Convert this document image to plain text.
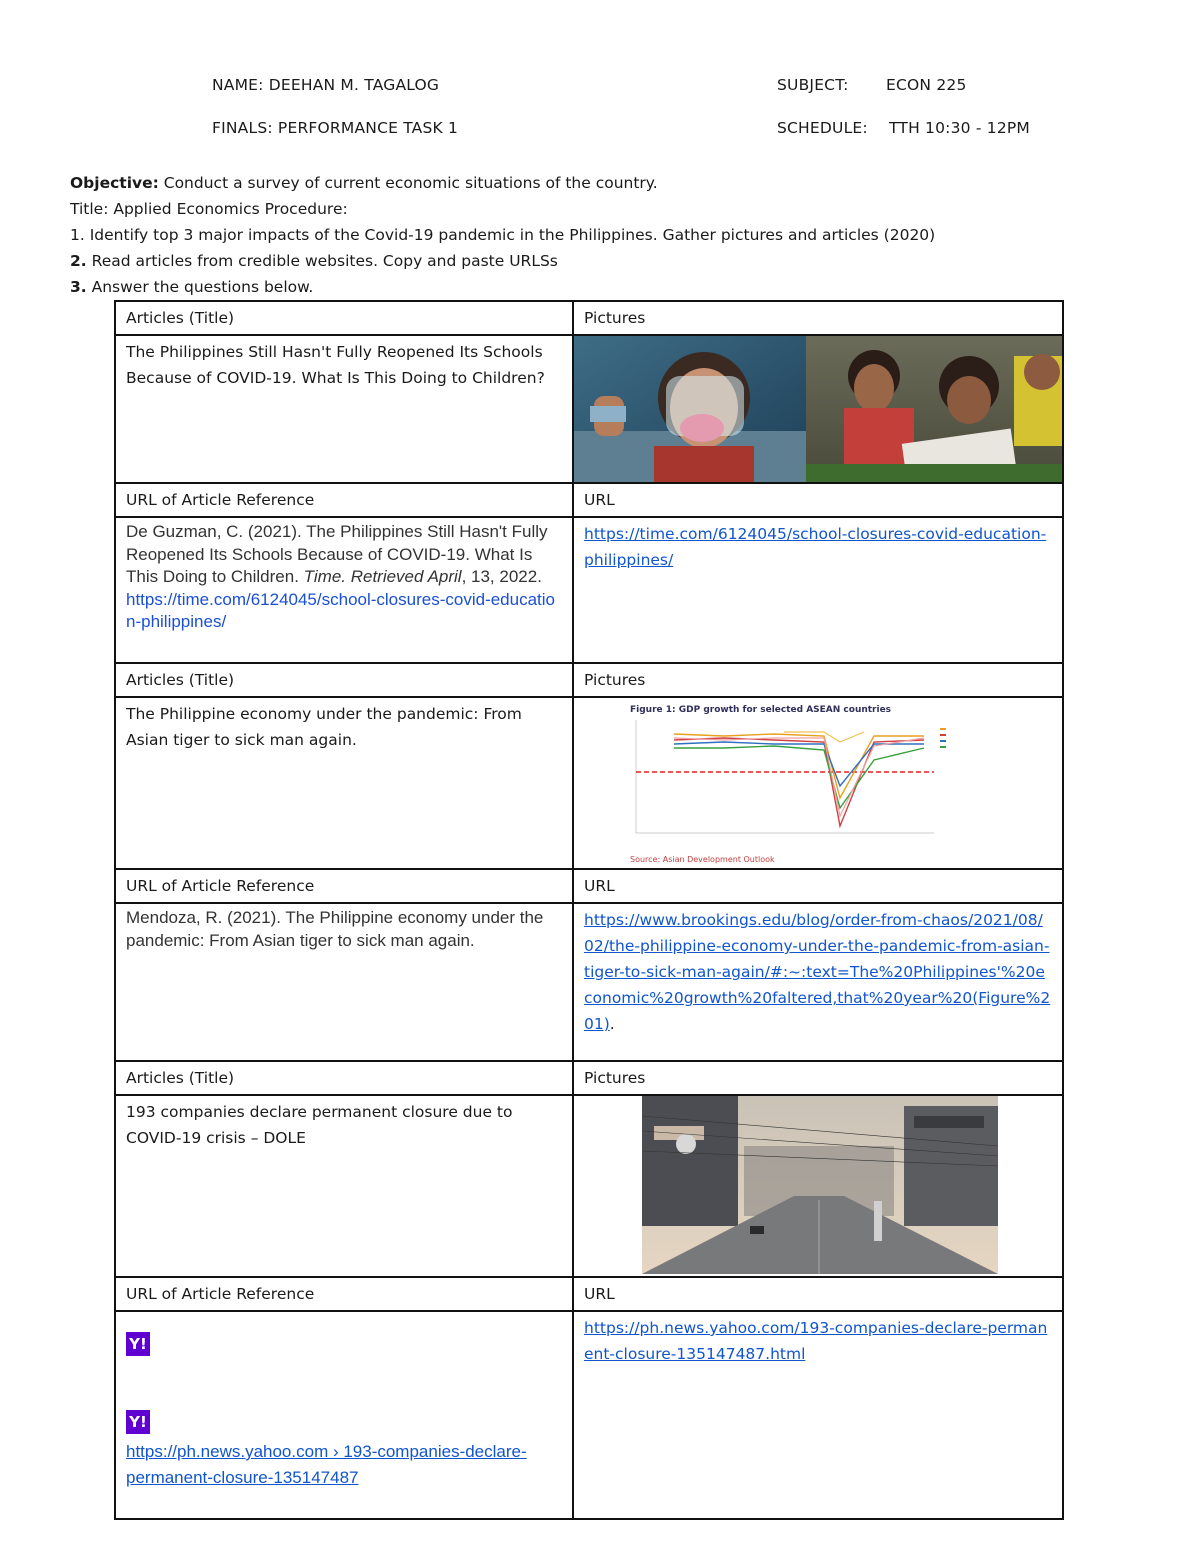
NAME: DEEHAN M. TAGALOG	SUBJECT: ECON 225
FINALS: PERFORMANCE TASK 1	SCHEDULE: TTH 10:30 - 12PM
Objective: Conduct a survey of current economic situations of the country.
Title: Applied Economics Procedure:
1. Identify top 3 major impacts of the Covid-19 pandemic in the Philippines. Gather pictures and articles (2020)
2. Read articles from credible websites. Copy and paste URLSs
3. Answer the questions below.
Articles (Title)	Pictures
The Philippines Still Hasn't Fully Reopened Its Schools Because of COVID-19. What Is This Doing to Children?	

URL of Article Reference	URL

De Guzman, C. (2021). The Philippines Still Hasn't Fully Reopened Its Schools Because of COVID-19. What Is This Doing to Children. Time. Retrieved April, 13, 2022.
https://time.com/6124045/school-closures-covid-education-philippines/	https://time.com/6124045/school-closures-covid-education-philippines/
Articles (Title)	Pictures
The Philippine economy under the pandemic: From Asian tiger to sick man again.	Figure 1: GDP growth for selected ASEAN countries
Source: Asian Development Outlook

URL of Article Reference	URL

Mendoza, R. (2021). The Philippine economy under the pandemic: From Asian tiger to sick man again.	https://www.brookings.edu/blog/order-from-chaos/2021/08/02/the-philippine-economy-under-the-pandemic-from-asian-tiger-to-sick-man-again/#:~:text=The%20Philippines'%20economic%20growth%20faltered,that%20year%20(Figure%201).
Articles (Title)	Pictures
193 companies declare permanent closure due to COVID-19 crisis – DOLE	

URL of Article Reference	URL

Y!
Y!
https://ph.news.yahoo.com › 193-companies-declare-permanent-closure-135147487	https://ph.news.yahoo.com/193-companies-declare-permanent-closure-135147487.html
